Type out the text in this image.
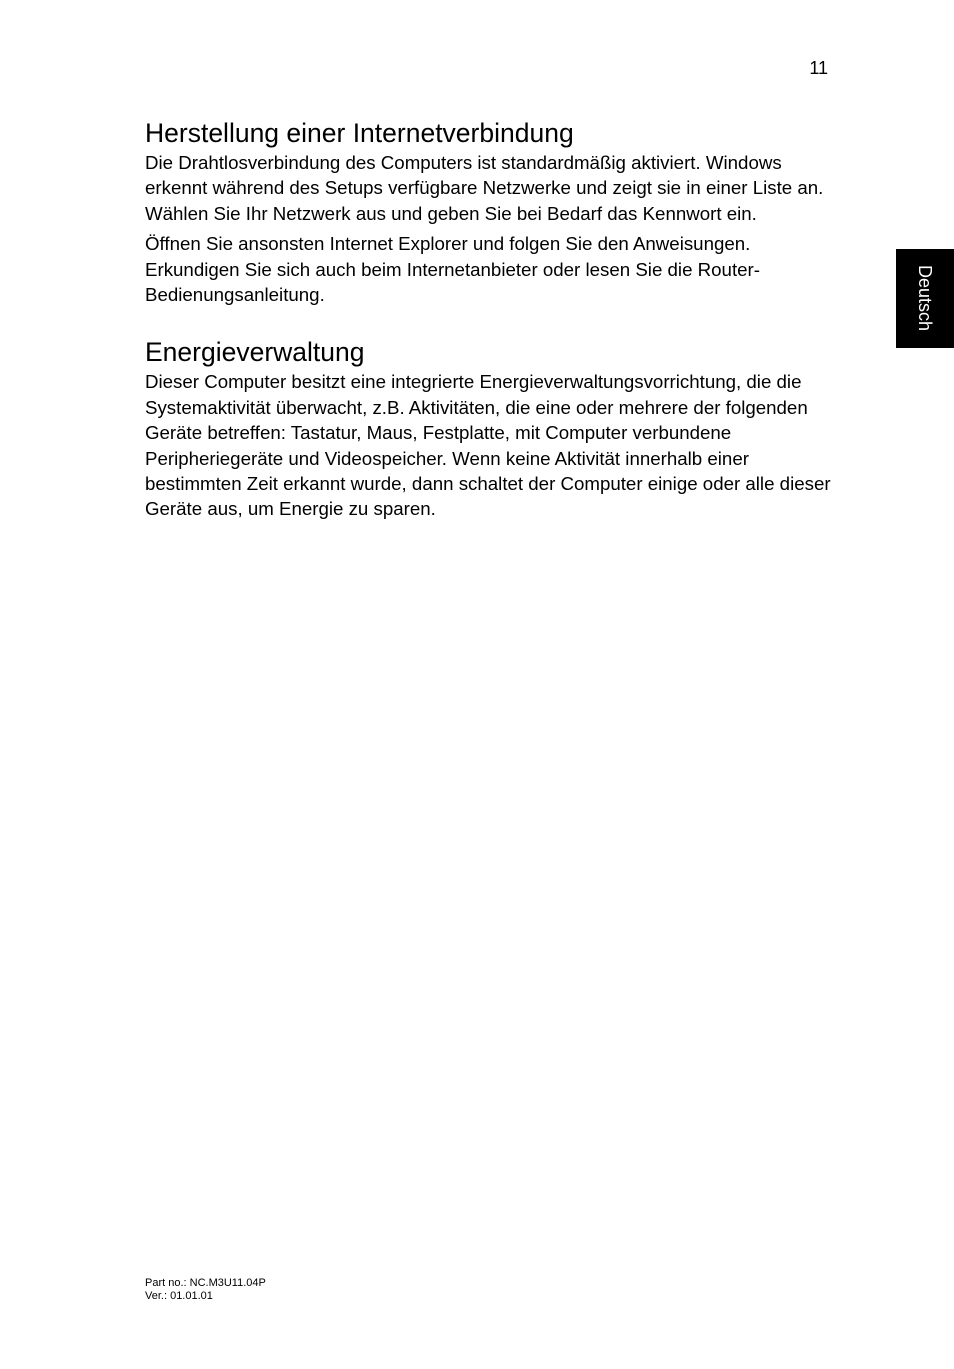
11
Deutsch
Herstellung einer Internetverbindung

Die Drahtlosverbindung des Computers ist standardmäßig aktiviert. Windows erkennt während des Setups verfügbare Netzwerke und zeigt sie in einer Liste an. Wählen Sie Ihr Netzwerk aus und geben Sie bei Bedarf das Kennwort ein.

Öffnen Sie ansonsten Internet Explorer und folgen Sie den Anweisungen. Erkundigen Sie sich auch beim Internetanbieter oder lesen Sie die Router-Bedienungsanleitung.

Energieverwaltung

Dieser Computer besitzt eine integrierte Energieverwaltungsvorrichtung, die die Systemaktivität überwacht, z.B. Aktivitäten, die eine oder mehrere der folgenden Geräte betreffen: Tastatur, Maus, Festplatte, mit Computer verbundene Peripheriegeräte und Videospeicher. Wenn keine Aktivität innerhalb einer bestimmten Zeit erkannt wurde, dann schaltet der Computer einige oder alle dieser Geräte aus, um Energie zu sparen.

Part no.: NC.M3U11.04P
Ver.: 01.01.01
